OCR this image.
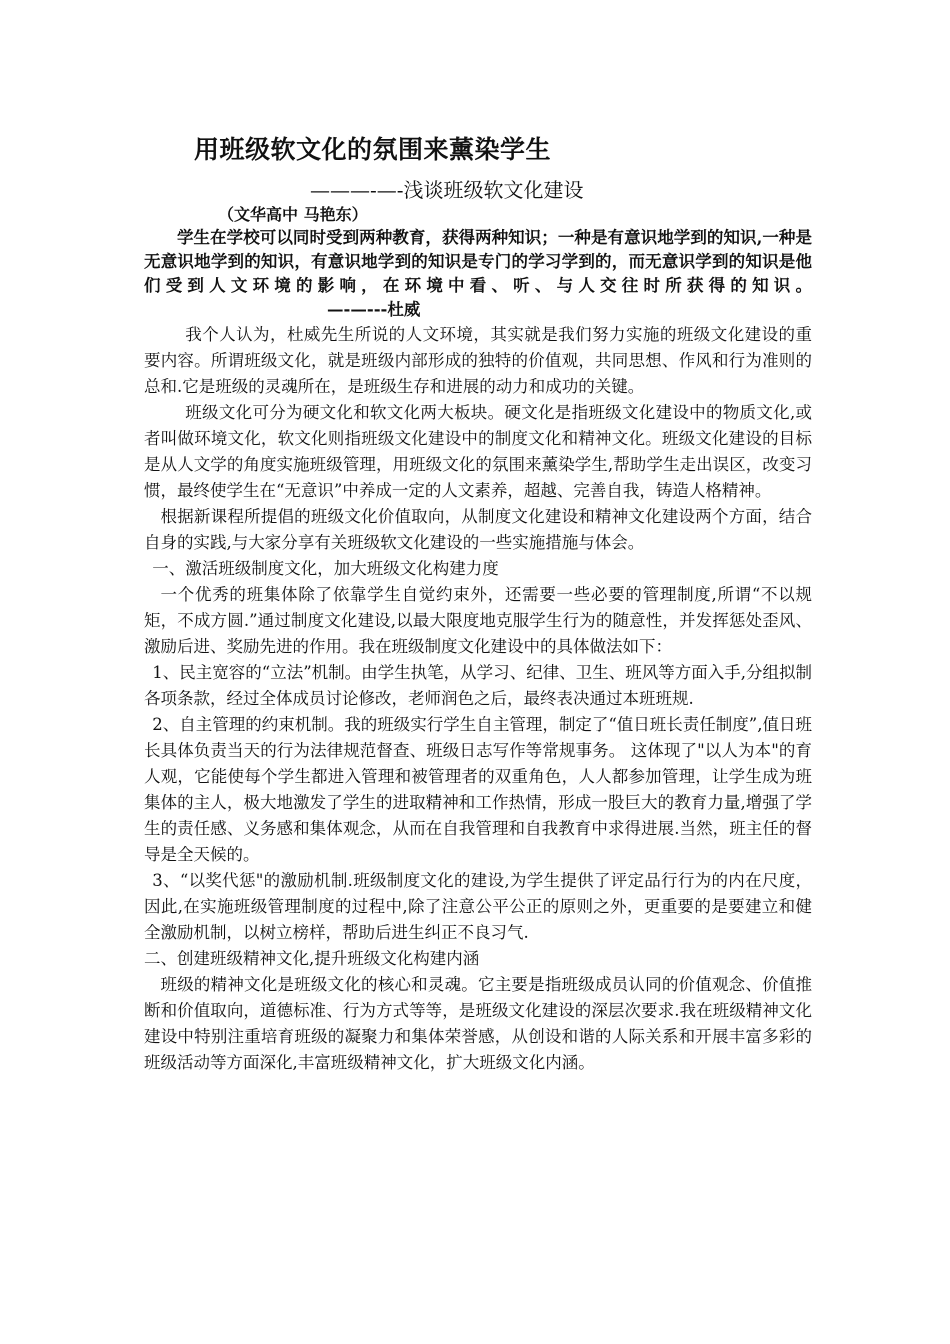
用班级软文化的氛围来薰染学生
———-—-浅谈班级软文化建设
（文华高中 马艳东）

学生在学校可以同时受到两种教育，获得两种知识；一种是有意识地学到的知识,一种是无意识地学到的知识，有意识地学到的知识是专门的学习学到的，而无意识学到的知识是他们受到人文环境的影响，在环境中看、听、与人交往时所获得的知识。—-—---杜威

我个人认为，杜威先生所说的人文环境，其实就是我们努力实施的班级文化建设的重要内容。所谓班级文化，就是班级内部形成的独特的价值观，共同思想、作风和行为准则的总和.它是班级的灵魂所在，是班级生存和进展的动力和成功的关键。

班级文化可分为硬文化和软文化两大板块。硬文化是指班级文化建设中的物质文化,或者叫做环境文化，软文化则指班级文化建设中的制度文化和精神文化。班级文化建设的目标是从人文学的角度实施班级管理，用班级文化的氛围来薰染学生,帮助学生走出误区，改变习惯，最终使学生在“无意识”中养成一定的人文素养，超越、完善自我，铸造人格精神。

根据新课程所提倡的班级文化价值取向，从制度文化建设和精神文化建设两个方面，结合自身的实践,与大家分享有关班级软文化建设的一些实施措施与体会。

一、激活班级制度文化，加大班级文化构建力度

一个优秀的班集体除了依靠学生自觉约束外，还需要一些必要的管理制度,所谓“不以规矩，不成方圆.”通过制度文化建设,以最大限度地克服学生行为的随意性，并发挥惩处歪风、激励后进、奖励先进的作用。我在班级制度文化建设中的具体做法如下：

1、民主宽容的“立法”机制。由学生执笔，从学习、纪律、卫生、班风等方面入手,分组拟制各项条款，经过全体成员讨论修改，老师润色之后，最终表决通过本班班规.

2、自主管理的约束机制。我的班级实行学生自主管理，制定了“值日班长责任制度”,值日班长具体负责当天的行为法律规范督查、班级日志写作等常规事务。 这体现了"以人为本"的育人观，它能使每个学生都进入管理和被管理者的双重角色，人人都参加管理，让学生成为班集体的主人，极大地激发了学生的进取精神和工作热情，形成一股巨大的教育力量,增强了学生的责任感、义务感和集体观念，从而在自我管理和自我教育中求得进展.当然，班主任的督导是全天候的。

3、“以奖代惩"的激励机制.班级制度文化的建设,为学生提供了评定品行行为的内在尺度，因此,在实施班级管理制度的过程中,除了注意公平公正的原则之外，更重要的是要建立和健全激励机制，以树立榜样，帮助后进生纠正不良习气.

二、创建班级精神文化,提升班级文化构建内涵

班级的精神文化是班级文化的核心和灵魂。它主要是指班级成员认同的价值观念、价值推断和价值取向，道德标准、行为方式等等，是班级文化建设的深层次要求.我在班级精神文化建设中特别注重培育班级的凝聚力和集体荣誉感，从创设和谐的人际关系和开展丰富多彩的班级活动等方面深化,丰富班级精神文化，扩大班级文化内涵。
